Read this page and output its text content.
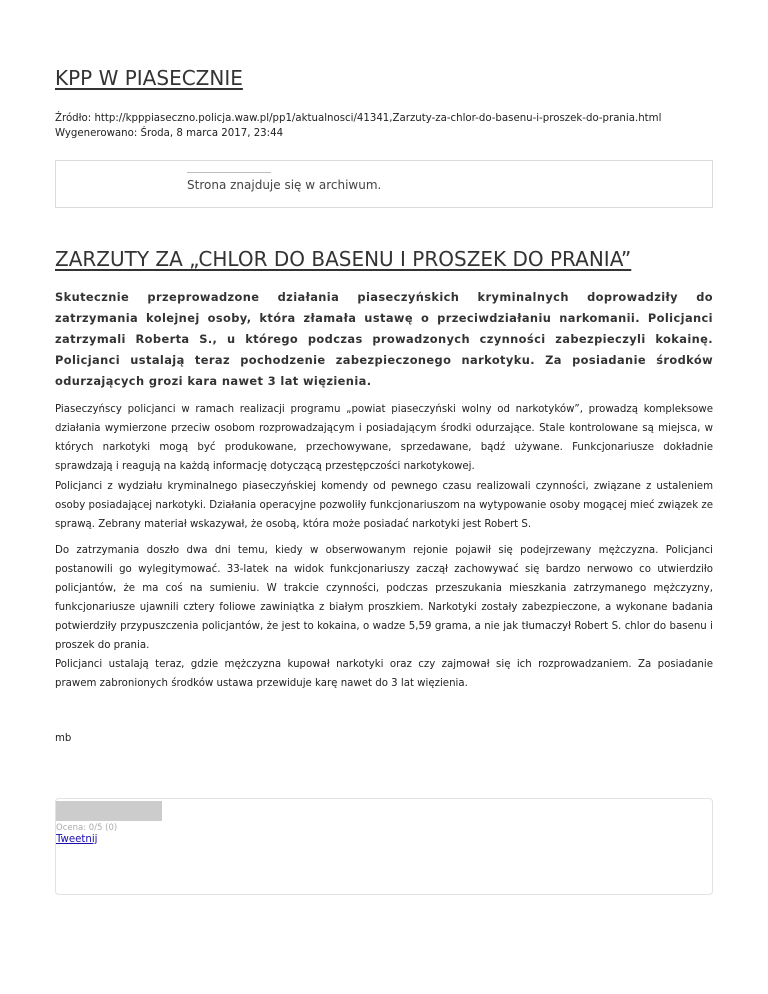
KPP W PIASECZNIE
Źródło: http://kpppiaseczno.policja.waw.pl/pp1/aktualnosci/41341,Zarzuty-za-chlor-do-basenu-i-proszek-do-prania.html
Wygenerowano: Środa, 8 marca 2017, 23:44
Strona znajduje się w archiwum.
ZARZUTY ZA „CHLOR DO BASENU I PROSZEK DO PRANIA”

Skutecznie przeprowadzone działania piaseczyńskich kryminalnych doprowadziły do zatrzymania kolejnej osoby, która złamała ustawę o przeciwdziałaniu narkomanii. Policjanci zatrzymali Roberta S., u którego podczas prowadzonych czynności zabezpieczyli kokainę. Policjanci ustalają teraz pochodzenie zabezpieczonego narkotyku. Za posiadanie środków odurzających grozi kara nawet 3 lat więzienia.

Piaseczyńscy policjanci w ramach realizacji programu „powiat piaseczyński wolny od narkotyków”, prowadzą kompleksowe działania wymierzone przeciw osobom rozprowadzającym i posiadającym środki odurzające. Stale kontrolowane są miejsca, w których narkotyki mogą być produkowane, przechowywane, sprzedawane, bądź używane. Funkcjonariusze dokładnie sprawdzają i reagują na każdą informację dotyczącą przestępczości narkotykowej.

Policjanci z wydziału kryminalnego piaseczyńskiej komendy od pewnego czasu realizowali czynności, związane z ustaleniem osoby posiadającej narkotyki. Działania operacyjne pozwoliły funkcjonariuszom na wytypowanie osoby mogącej mieć związek ze sprawą. Zebrany materiał wskazywał, że osobą, która może posiadać narkotyki jest Robert S.

Do zatrzymania doszło dwa dni temu, kiedy w obserwowanym rejonie pojawił się podejrzewany mężczyzna. Policjanci postanowili go wylegitymować. 33-latek na widok funkcjonariuszy zaczął zachowywać się bardzo nerwowo co utwierdziło policjantów, że ma coś na sumieniu. W trakcie czynności, podczas przeszukania mieszkania zatrzymanego mężczyzny, funkcjonariusze ujawnili cztery foliowe zawiniątka z białym proszkiem. Narkotyki zostały zabezpieczone, a wykonane badania potwierdziły przypuszczenia policjantów, że jest to kokaina, o wadze 5,59 grama, a nie jak tłumaczył Robert S. chlor do basenu i proszek do prania.

Policjanci ustalają teraz, gdzie mężczyzna kupował narkotyki oraz czy zajmował się ich rozprowadzaniem. Za posiadanie prawem zabronionych środków ustawa przewiduje karę nawet do 3 lat więzienia.

mb
Ocena: 0/5 (0)
Tweetnij
